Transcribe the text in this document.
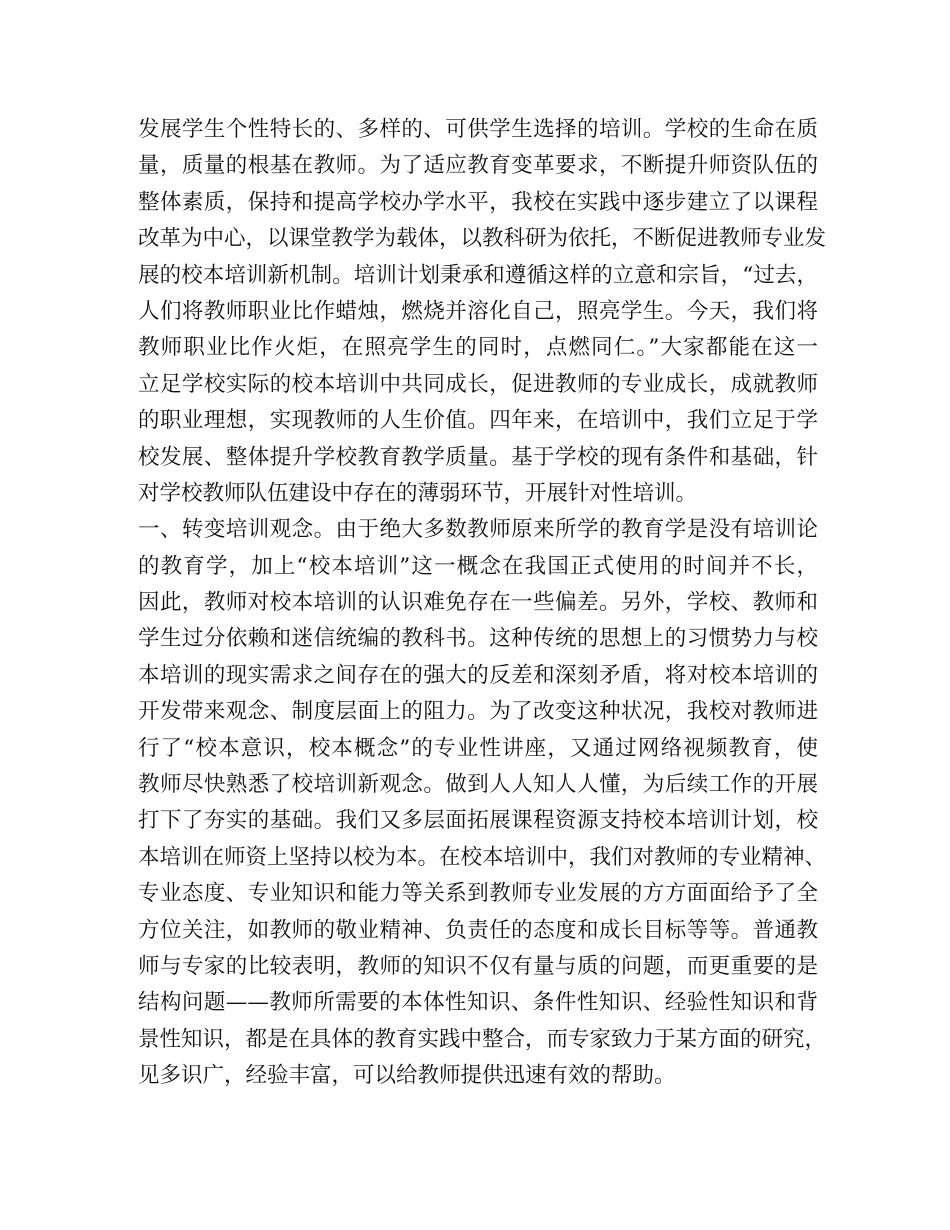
发展学生个性特长的、多样的、可供学生选择的培训。学校的生命在质
量，质量的根基在教师。为了适应教育变革要求，不断提升师资队伍的
整体素质，保持和提高学校办学水平，我校在实践中逐步建立了以课程
改革为中心，以课堂教学为载体，以教科研为依托，不断促进教师专业发
展的校本培训新机制。培训计划秉承和遵循这样的立意和宗旨，“过去，
人们将教师职业比作蜡烛，燃烧并溶化自己，照亮学生。今天，我们将
教师职业比作火炬，在照亮学生的同时，点燃同仁。”大家都能在这一
立足学校实际的校本培训中共同成长，促进教师的专业成长，成就教师
的职业理想，实现教师的人生价值。四年来，在培训中，我们立足于学
校发展、整体提升学校教育教学质量。基于学校的现有条件和基础，针
对学校教师队伍建设中存在的薄弱环节，开展针对性培训。
一、转变培训观念。由于绝大多数教师原来所学的教育学是没有培训论
的教育学，加上“校本培训”这一概念在我国正式使用的时间并不长，
因此，教师对校本培训的认识难免存在一些偏差。另外，学校、教师和
学生过分依赖和迷信统编的教科书。这种传统的思想上的习惯势力与校
本培训的现实需求之间存在的强大的反差和深刻矛盾，将对校本培训的
开发带来观念、制度层面上的阻力。为了改变这种状况，我校对教师进
行了“校本意识，校本概念”的专业性讲座，又通过网络视频教育，使
教师尽快熟悉了校培训新观念。做到人人知人人懂，为后续工作的开展
打下了夯实的基础。我们又多层面拓展课程资源支持校本培训计划，校
本培训在师资上坚持以校为本。在校本培训中，我们对教师的专业精神、
专业态度、专业知识和能力等关系到教师专业发展的方方面面给予了全
方位关注，如教师的敬业精神、负责任的态度和成长目标等等。普通教
师与专家的比较表明，教师的知识不仅有量与质的问题，而更重要的是
结构问题——教师所需要的本体性知识、条件性知识、经验性知识和背
景性知识，都是在具体的教育实践中整合，而专家致力于某方面的研究，
见多识广，经验丰富，可以给教师提供迅速有效的帮助。
